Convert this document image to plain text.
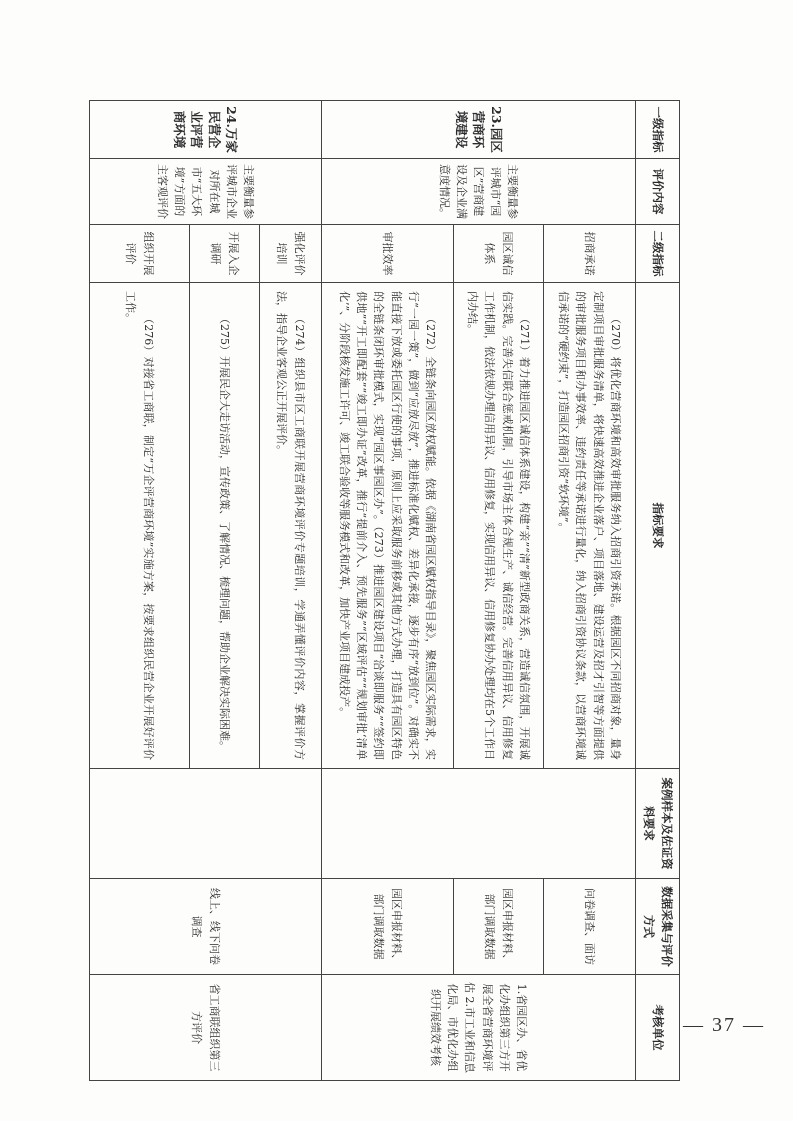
一级指标	评价内容	二级指标	指标要求	案例样本及佐证资料要求	数据采集与评价方式	考核单位
23.园区营商环境建设	主要衡量参评城市“园区”营商建设及企业满意度情况。	招商承诺	（270）将优化营商环境和高效审批服务纳入招商引资承诺。根据园区不同招商对象，量身定制项目审批服务清单，将快速高效推进企业落户、项目落地、建设运营及招才引智等方面提供的审批服务项目和办事效率、违约责任等承诺进行量化，纳入招商引资协议条款，以营商环境诚信承诺的“硬约束”，打造园区招商引资“软环境”。		问卷调查、面访	1.省园区办、省优化办组织第三方开展全省营商环境评估 2.市工业和信息化局、市优化办组织开展绩效考核
		园区诚信体系	（271）着力推进园区诚信体系建设，构建“亲”“清”新型政商关系，营造诚信氛围，开展诚信实践。完善失信联合惩戒机制，引导市场主体合规生产、诚信经营。完善信用异议、信用修复工作机制，依法依规办理信用异议、信用修复，实现信用异议、信用修复协办处理均在5个工作日内办结。		园区申报材料、部门调取数据	
		审批效率	（272）全链条向园区放权赋能。依据《湖南省园区赋权指导目录》，聚焦园区实际需求，实行“一园一策”，做到“应放尽放”，推进标准化赋权、差异化承接，逐步有序“放到位”。对确实不能直接下放或委托园区行使的事项，原则上应采取服务前移或其他方式办理，打造具有园区特色的全链条闭环审批模式，实现“园区事园区办”。（273）推进园区建设项目“洽谈即服务”“签约即供地”“开工即配套”“竣工即办证”改革，推行“提前介入、预先服务”“区域评估”“规划审批‘清单化’”、分阶段核发施工许可、竣工联合验收等服务模式和改革，加快产业项目建成投产。		园区申报材料、部门调取数据	
24.万家民营企业评营商环境	主要衡量参评城市企业对所在城市“五大环境”方面的主客观评价	强化评价培训	（274）组织县市区工商联开展营商环境评价专题培训，学通弄懂评价内容，掌握评价方法，指导企业客观公正开展评价。		线上、线下问卷调查	省工商联组织第三方评价
		开展入企调研	（275）开展民企大走访活动，宣传政策、了解情况、梳理问题，帮助企业解决实际困难。			

		组织开展评价	（276）对接省工商联，制定“万企评营商环境”实施方案，按要求组织民营企业开展好评价工作。			

— 37 —
